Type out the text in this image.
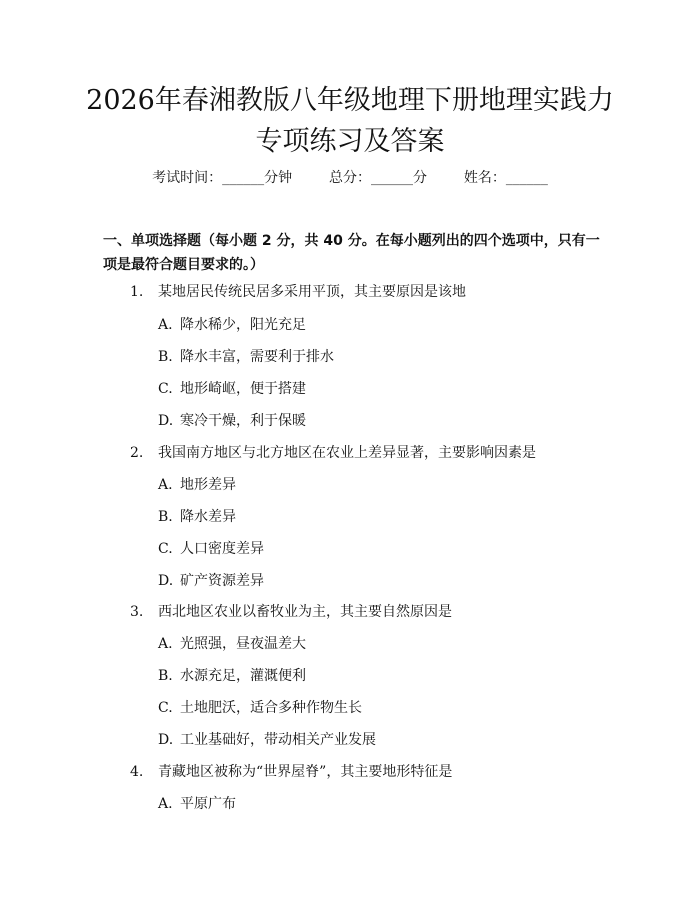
2026年春湘教版八年级地理下册地理实践力
专项练习及答案
考试时间：______分钟	总分：______分	姓名：______
一、单项选择题（每小题 2 分，共 40 分。在每小题列出的四个选项中，只有一项是最符合题目要求的。）
1. 某地居民传统民居多采用平顶，其主要原因是该地
A. 降水稀少，阳光充足
B. 降水丰富，需要利于排水
C. 地形崎岖，便于搭建
D. 寒冷干燥，利于保暖
2. 我国南方地区与北方地区在农业上差异显著，主要影响因素是
A. 地形差异
B. 降水差异
C. 人口密度差异
D. 矿产资源差异
3. 西北地区农业以畜牧业为主，其主要自然原因是
A. 光照强，昼夜温差大
B. 水源充足，灌溉便利
C. 土地肥沃，适合多种作物生长
D. 工业基础好，带动相关产业发展
4. 青藏地区被称为“世界屋脊”，其主要地形特征是
A. 平原广布
